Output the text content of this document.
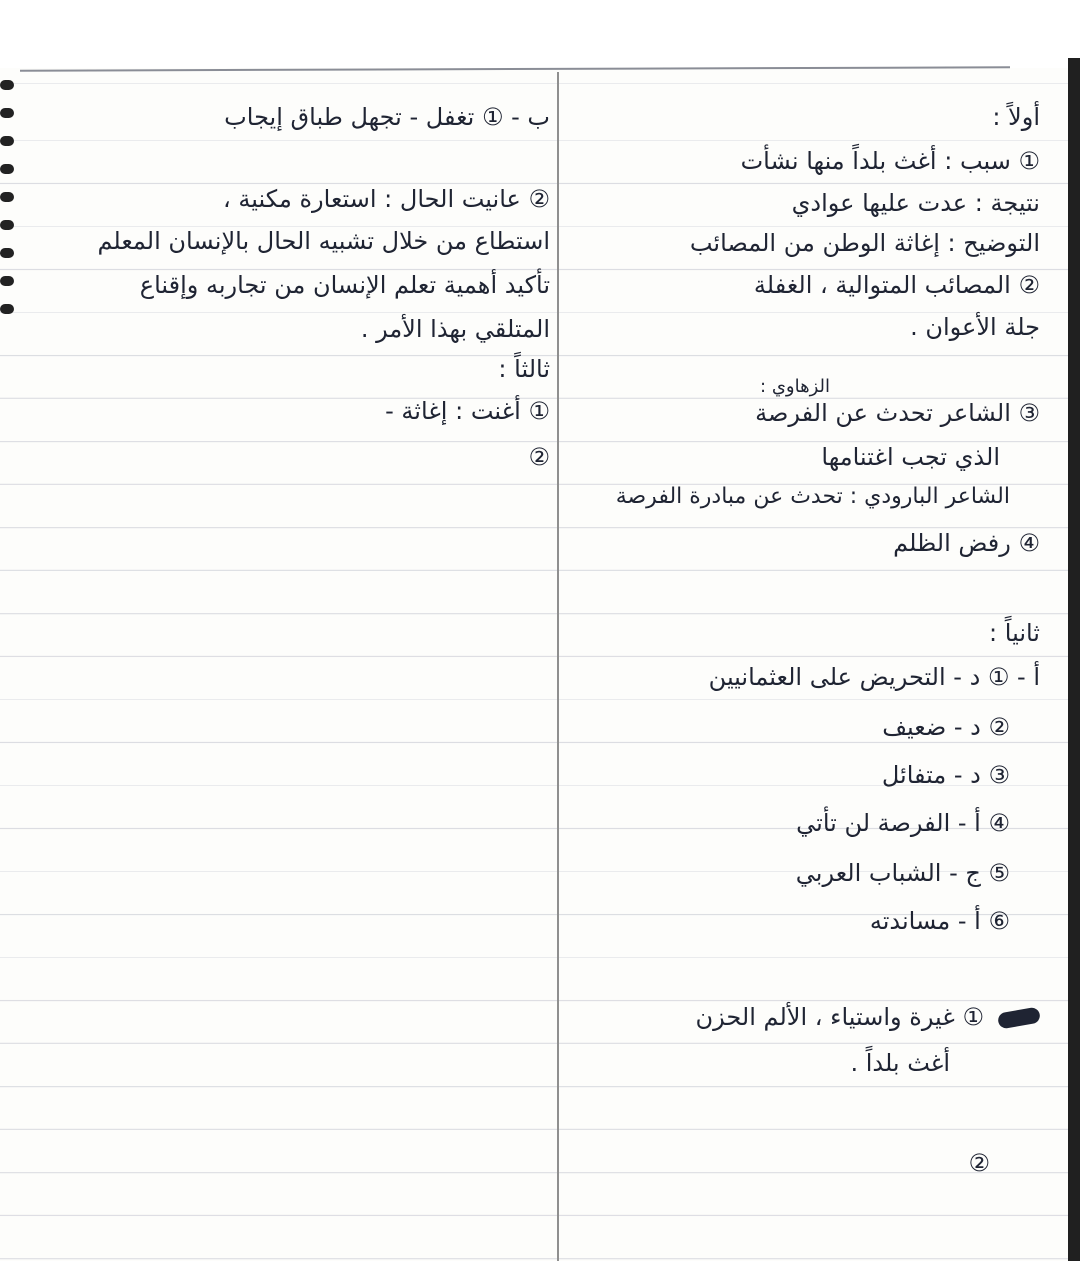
ب - ① تغفل - تجهل طباق إيجاب
② عانيت الحال : استعارة مكنية ،
استطاع من خلال تشبيه الحال بالإنسان المعلم
تأكيد أهمية تعلم الإنسان من تجاربه وإقناع
المتلقي بهذا الأمر .
ثالثاً :
① أغنت : إغاثة -
②
أولاً :
① سبب : أغث بلداً منها نشأت
نتيجة : عدت عليها عوادي
التوضيح : إغاثة الوطن من المصائب
② المصائب المتوالية ، الغفلة
جلة الأعوان .
الزهاوي :
③ الشاعر تحدث عن الفرصة
الذي تجب اغتنامها
الشاعر البارودي : تحدث عن مبادرة الفرصة
④ رفض الظلم
ثانياً :
أ - ① د - التحريض على العثمانيين
② د - ضعيف
③ د - متفائل
④ أ - الفرصة لن تأتي
⑤ ج - الشباب العربي
⑥ أ - مساندته
① غيرة واستياء ، الألم الحزن
أغث بلداً .
②
